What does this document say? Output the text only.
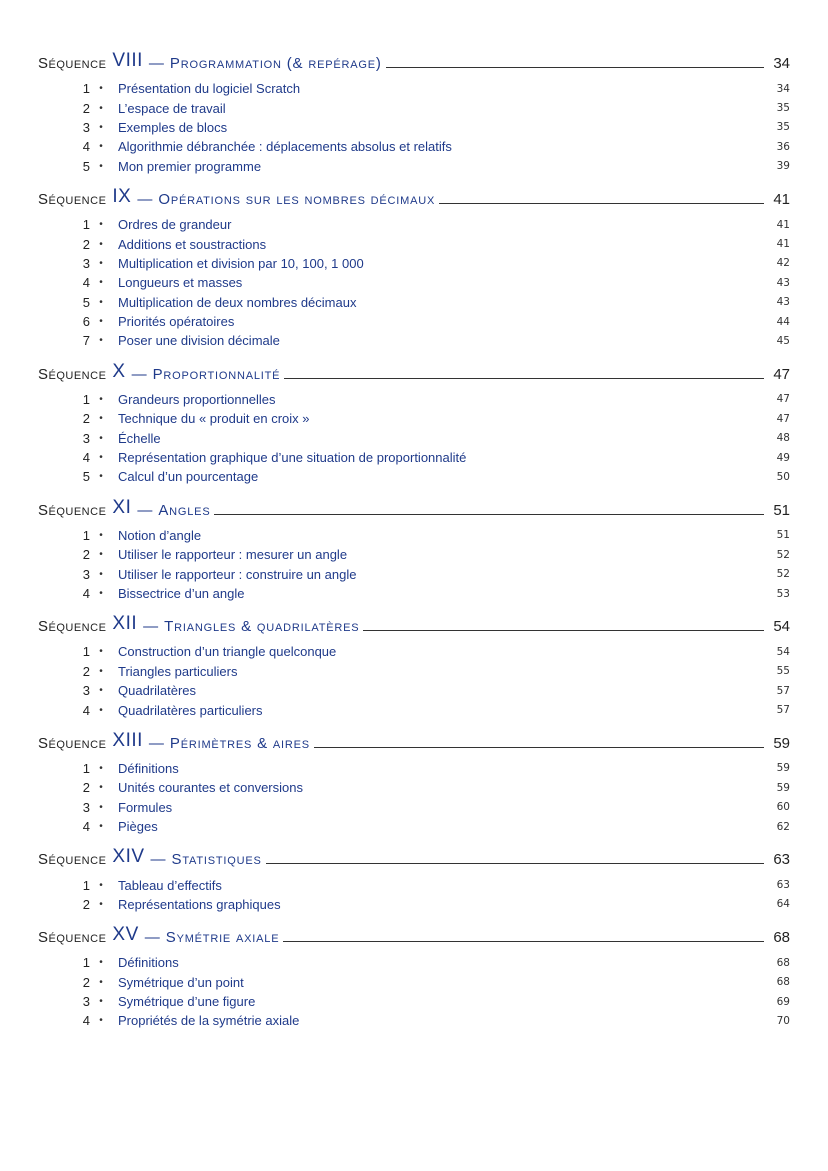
Séquence VIII — Programmation (& repérage)	34
1 •	Présentation du logiciel Scratch	34
2 •	L’espace de travail	35
3 •	Exemples de blocs	35
4 •	Algorithmie débranchée : déplacements absolus et relatifs	36
5 •	Mon premier programme	39
Séquence IX — Opérations sur les nombres décimaux	41
1 •	Ordres de grandeur	41
2 •	Additions et soustractions	41
3 •	Multiplication et division par 10, 100, 1 000	42
4 •	Longueurs et masses	43
5 •	Multiplication de deux nombres décimaux	43
6 •	Priorités opératoires	44
7 •	Poser une division décimale	45
Séquence X — Proportionnalité	47
1 •	Grandeurs proportionnelles	47
2 •	Technique du « produit en croix »	47
3 •	Échelle	48
4 •	Représentation graphique d’une situation de proportionnalité	49
5 •	Calcul d’un pourcentage	50
Séquence XI — Angles	51
1 •	Notion d’angle	51
2 •	Utiliser le rapporteur : mesurer un angle	52
3 •	Utiliser le rapporteur : construire un angle	52
4 •	Bissectrice d’un angle	53
Séquence XII — Triangles & quadrilatères	54
1 •	Construction d’un triangle quelconque	54
2 •	Triangles particuliers	55
3 •	Quadrilatères	57
4 •	Quadrilatères particuliers	57
Séquence XIII — Périmètres & aires	59
1 •	Définitions	59
2 •	Unités courantes et conversions	59
3 •	Formules	60
4 •	Pièges	62
Séquence XIV — Statistiques	63
1 •	Tableau d’effectifs	63
2 •	Représentations graphiques	64
Séquence XV — Symétrie axiale	68
1 •	Définitions	68
2 •	Symétrique d’un point	68
3 •	Symétrique d’une figure	69
4 •	Propriétés de la symétrie axiale	70
